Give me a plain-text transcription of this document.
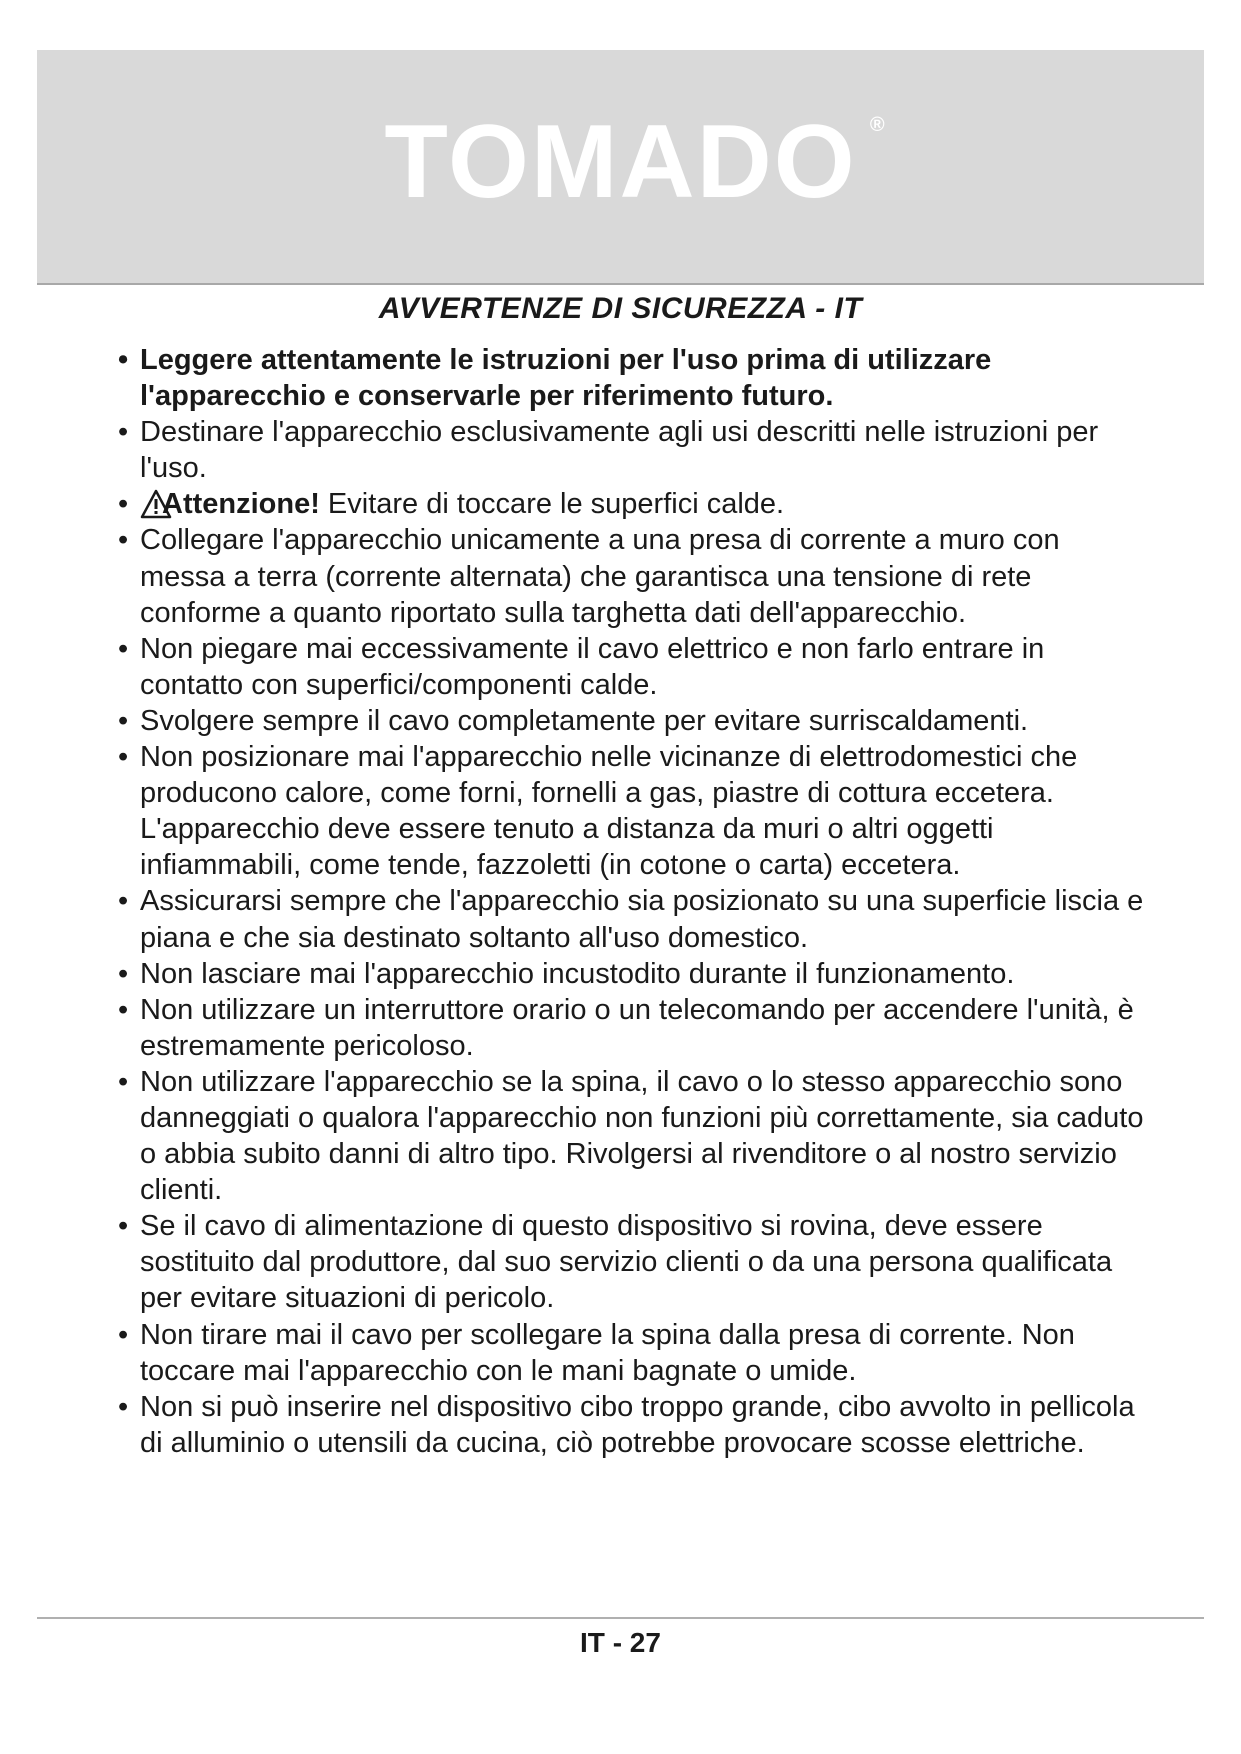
TOMADO ®
AVVERTENZE DI SICUREZZA - IT
• Leggere attentamente le istruzioni per l'uso prima di utilizzare l'apparecchio e conservarle per riferimento futuro.
• Destinare l'apparecchio esclusivamente agli usi descritti nelle istruzioni per l'uso.
• Attenzione! Evitare di toccare le superfici calde.
• Collegare l'apparecchio unicamente a una presa di corrente a muro con messa a terra (corrente alternata) che garantisca una tensione di rete conforme a quanto riportato sulla targhetta dati dell'apparecchio.
• Non piegare mai eccessivamente il cavo elettrico e non farlo entrare in contatto con superfici/componenti calde.
• Svolgere sempre il cavo completamente per evitare surriscaldamenti.
• Non posizionare mai l'apparecchio nelle vicinanze di elettrodomestici che producono calore, come forni, fornelli a gas, piastre di cottura eccetera. L'apparecchio deve essere tenuto a distanza da muri o altri oggetti infiammabili, come tende, fazzoletti (in cotone o carta) eccetera.
• Assicurarsi sempre che l'apparecchio sia posizionato su una superficie liscia e piana e che sia destinato soltanto all'uso domestico.
• Non lasciare mai l'apparecchio incustodito durante il funzionamento.
• Non utilizzare un interruttore orario o un telecomando per accendere l'unità, è estremamente pericoloso.
• Non utilizzare l'apparecchio se la spina, il cavo o lo stesso apparecchio sono danneggiati o qualora l'apparecchio non funzioni più correttamente, sia caduto o abbia subito danni di altro tipo. Rivolgersi al rivenditore o al nostro servizio clienti.
• Se il cavo di alimentazione di questo dispositivo si rovina, deve essere sostituito dal produttore, dal suo servizio clienti o da una persona qualificata per evitare situazioni di pericolo.
• Non tirare mai il cavo per scollegare la spina dalla presa di corrente. Non toccare mai l'apparecchio con le mani bagnate o umide.
• Non si può inserire nel dispositivo cibo troppo grande, cibo avvolto in pellicola di alluminio o utensili da cucina, ciò potrebbe provocare scosse elettriche.
IT - 27
